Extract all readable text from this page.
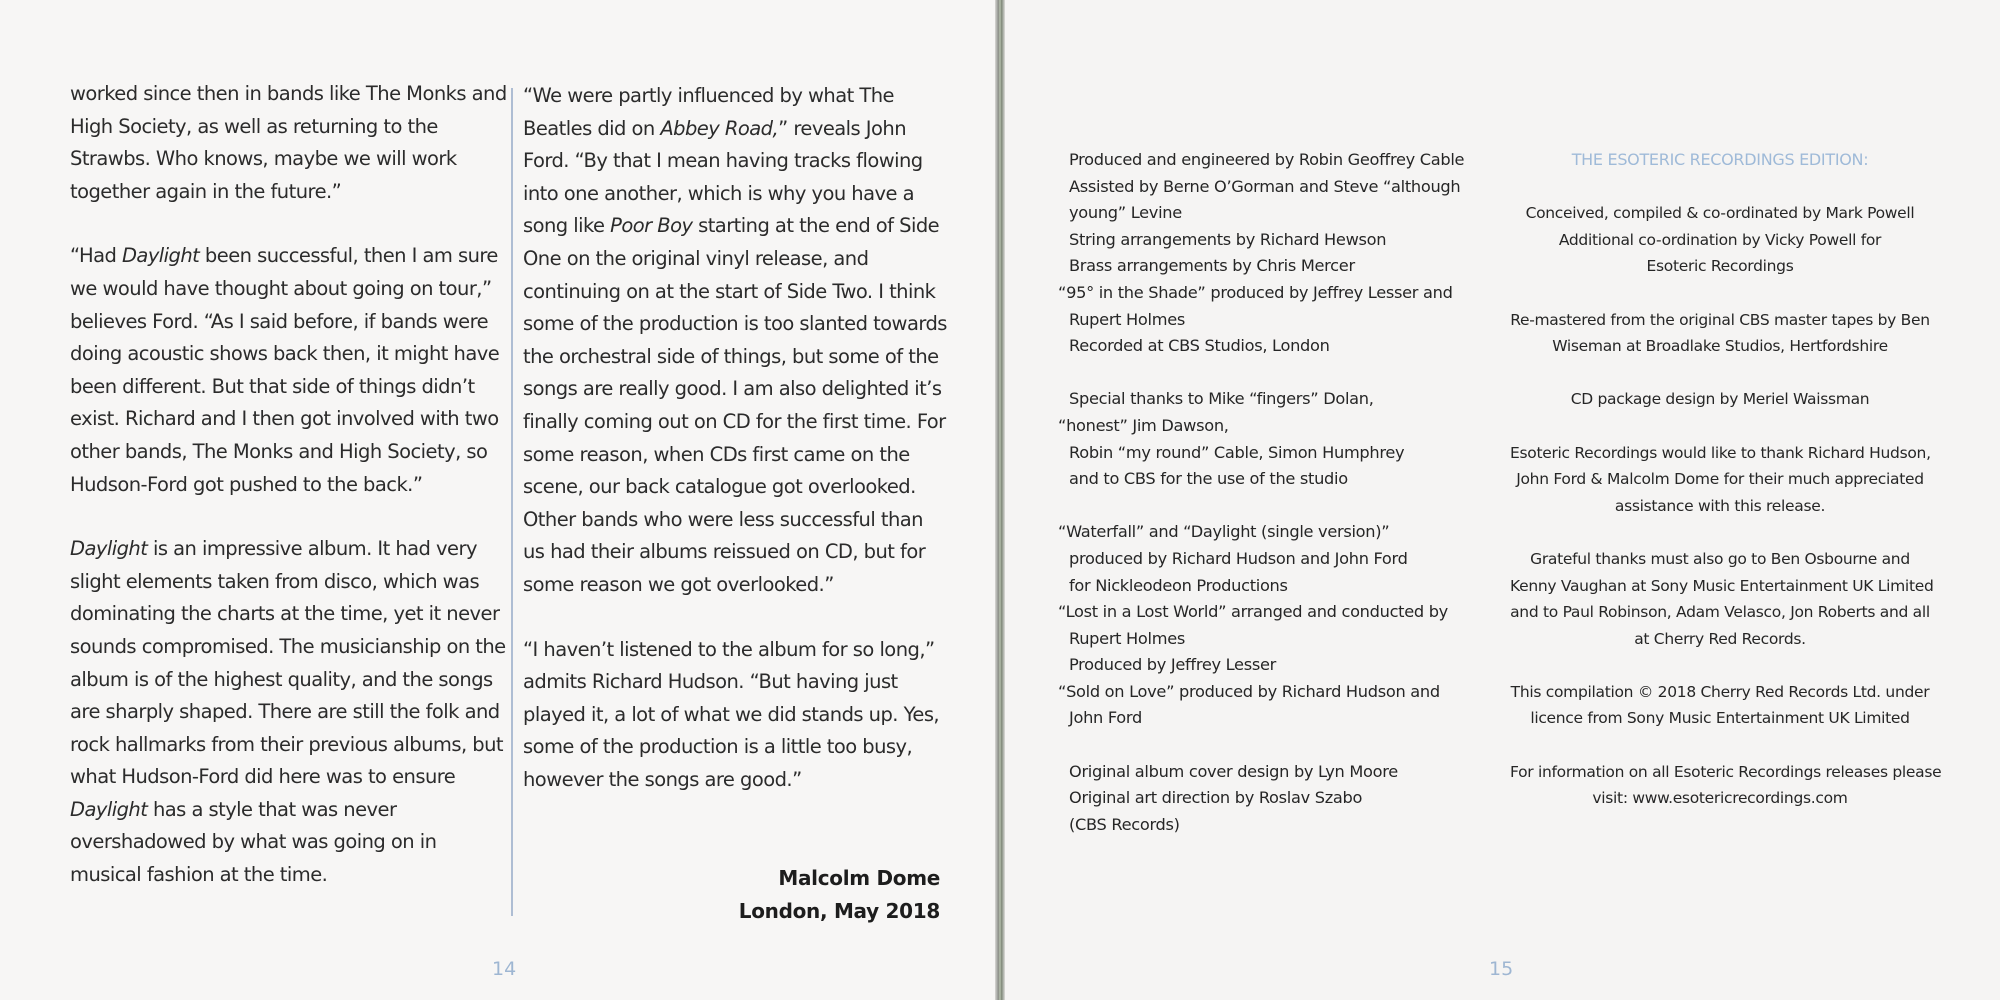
worked since then in bands like The Monks and High Society, as well as returning to the Strawbs. Who knows, maybe we will work together again in the future.”

“Had Daylight been successful, then I am sure we would have thought about going on tour,” believes Ford. “As I said before, if bands were doing acoustic shows back then, it might have been different. But that side of things didn’t exist. Richard and I then got involved with two other bands, The Monks and High Society, so Hudson-Ford got pushed to the back.”

Daylight is an impressive album. It had very slight elements taken from disco, which was dominating the charts at the time, yet it never sounds compromised. The musicianship on the album is of the highest quality, and the songs are sharply shaped. There are still the folk and rock hallmarks from their previous albums, but what Hudson-Ford did here was to ensure Daylight has a style that was never overshadowed by what was going on in musical fashion at the time.

“We were partly influenced by what The Beatles did on Abbey Road,” reveals John Ford. “By that I mean having tracks flowing into one another, which is why you have a song like Poor Boy starting at the end of Side One on the original vinyl release, and continuing on at the start of Side Two. I think some of the production is too slanted towards the orchestral side of things, but some of the songs are really good. I am also delighted it’s finally coming out on CD for the first time. For some reason, when CDs first came on the scene, our back catalogue got overlooked. Other bands who were less successful than us had their albums reissued on CD, but for some reason we got overlooked.”

“I haven’t listened to the album for so long,” admits Richard Hudson. “But having just played it, a lot of what we did stands up. Yes, some of the production is a little too busy, however the songs are good.”

Malcolm Dome
London, May 2018
14
Produced and engineered by Robin Geoffrey Cable
Assisted by Berne O’Gorman and Steve “although
young” Levine
String arrangements by Richard Hewson
Brass arrangements by Chris Mercer
“95° in the Shade” produced by Jeffrey Lesser and
Rupert Holmes
Recorded at CBS Studios, London
Special thanks to Mike “fingers” Dolan,
“honest” Jim Dawson,
Robin “my round” Cable, Simon Humphrey
and to CBS for the use of the studio
“Waterfall” and “Daylight (single version)”
produced by Richard Hudson and John Ford
for Nickleodeon Productions
“Lost in a Lost World” arranged and conducted by
Rupert Holmes
Produced by Jeffrey Lesser
“Sold on Love” produced by Richard Hudson and
John Ford
Original album cover design by Lyn Moore
Original art direction by Roslav Szabo
(CBS Records)
THE ESOTERIC RECORDINGS EDITION:
Conceived, compiled & co-ordinated by Mark Powell
Additional co-ordination by Vicky Powell for
Esoteric Recordings
Re-mastered from the original CBS master tapes by Ben
Wiseman at Broadlake Studios, Hertfordshire
CD package design by Meriel Waissman
Esoteric Recordings would like to thank Richard Hudson,
John Ford & Malcolm Dome for their much appreciated
assistance with this release.
Grateful thanks must also go to Ben Osbourne and
Kenny Vaughan at Sony Music Entertainment UK Limited
and to Paul Robinson, Adam Velasco, Jon Roberts and all
at Cherry Red Records.
This compilation © 2018 Cherry Red Records Ltd. under
licence from Sony Music Entertainment UK Limited
For information on all Esoteric Recordings releases please
visit: www.esotericrecordings.com
15
